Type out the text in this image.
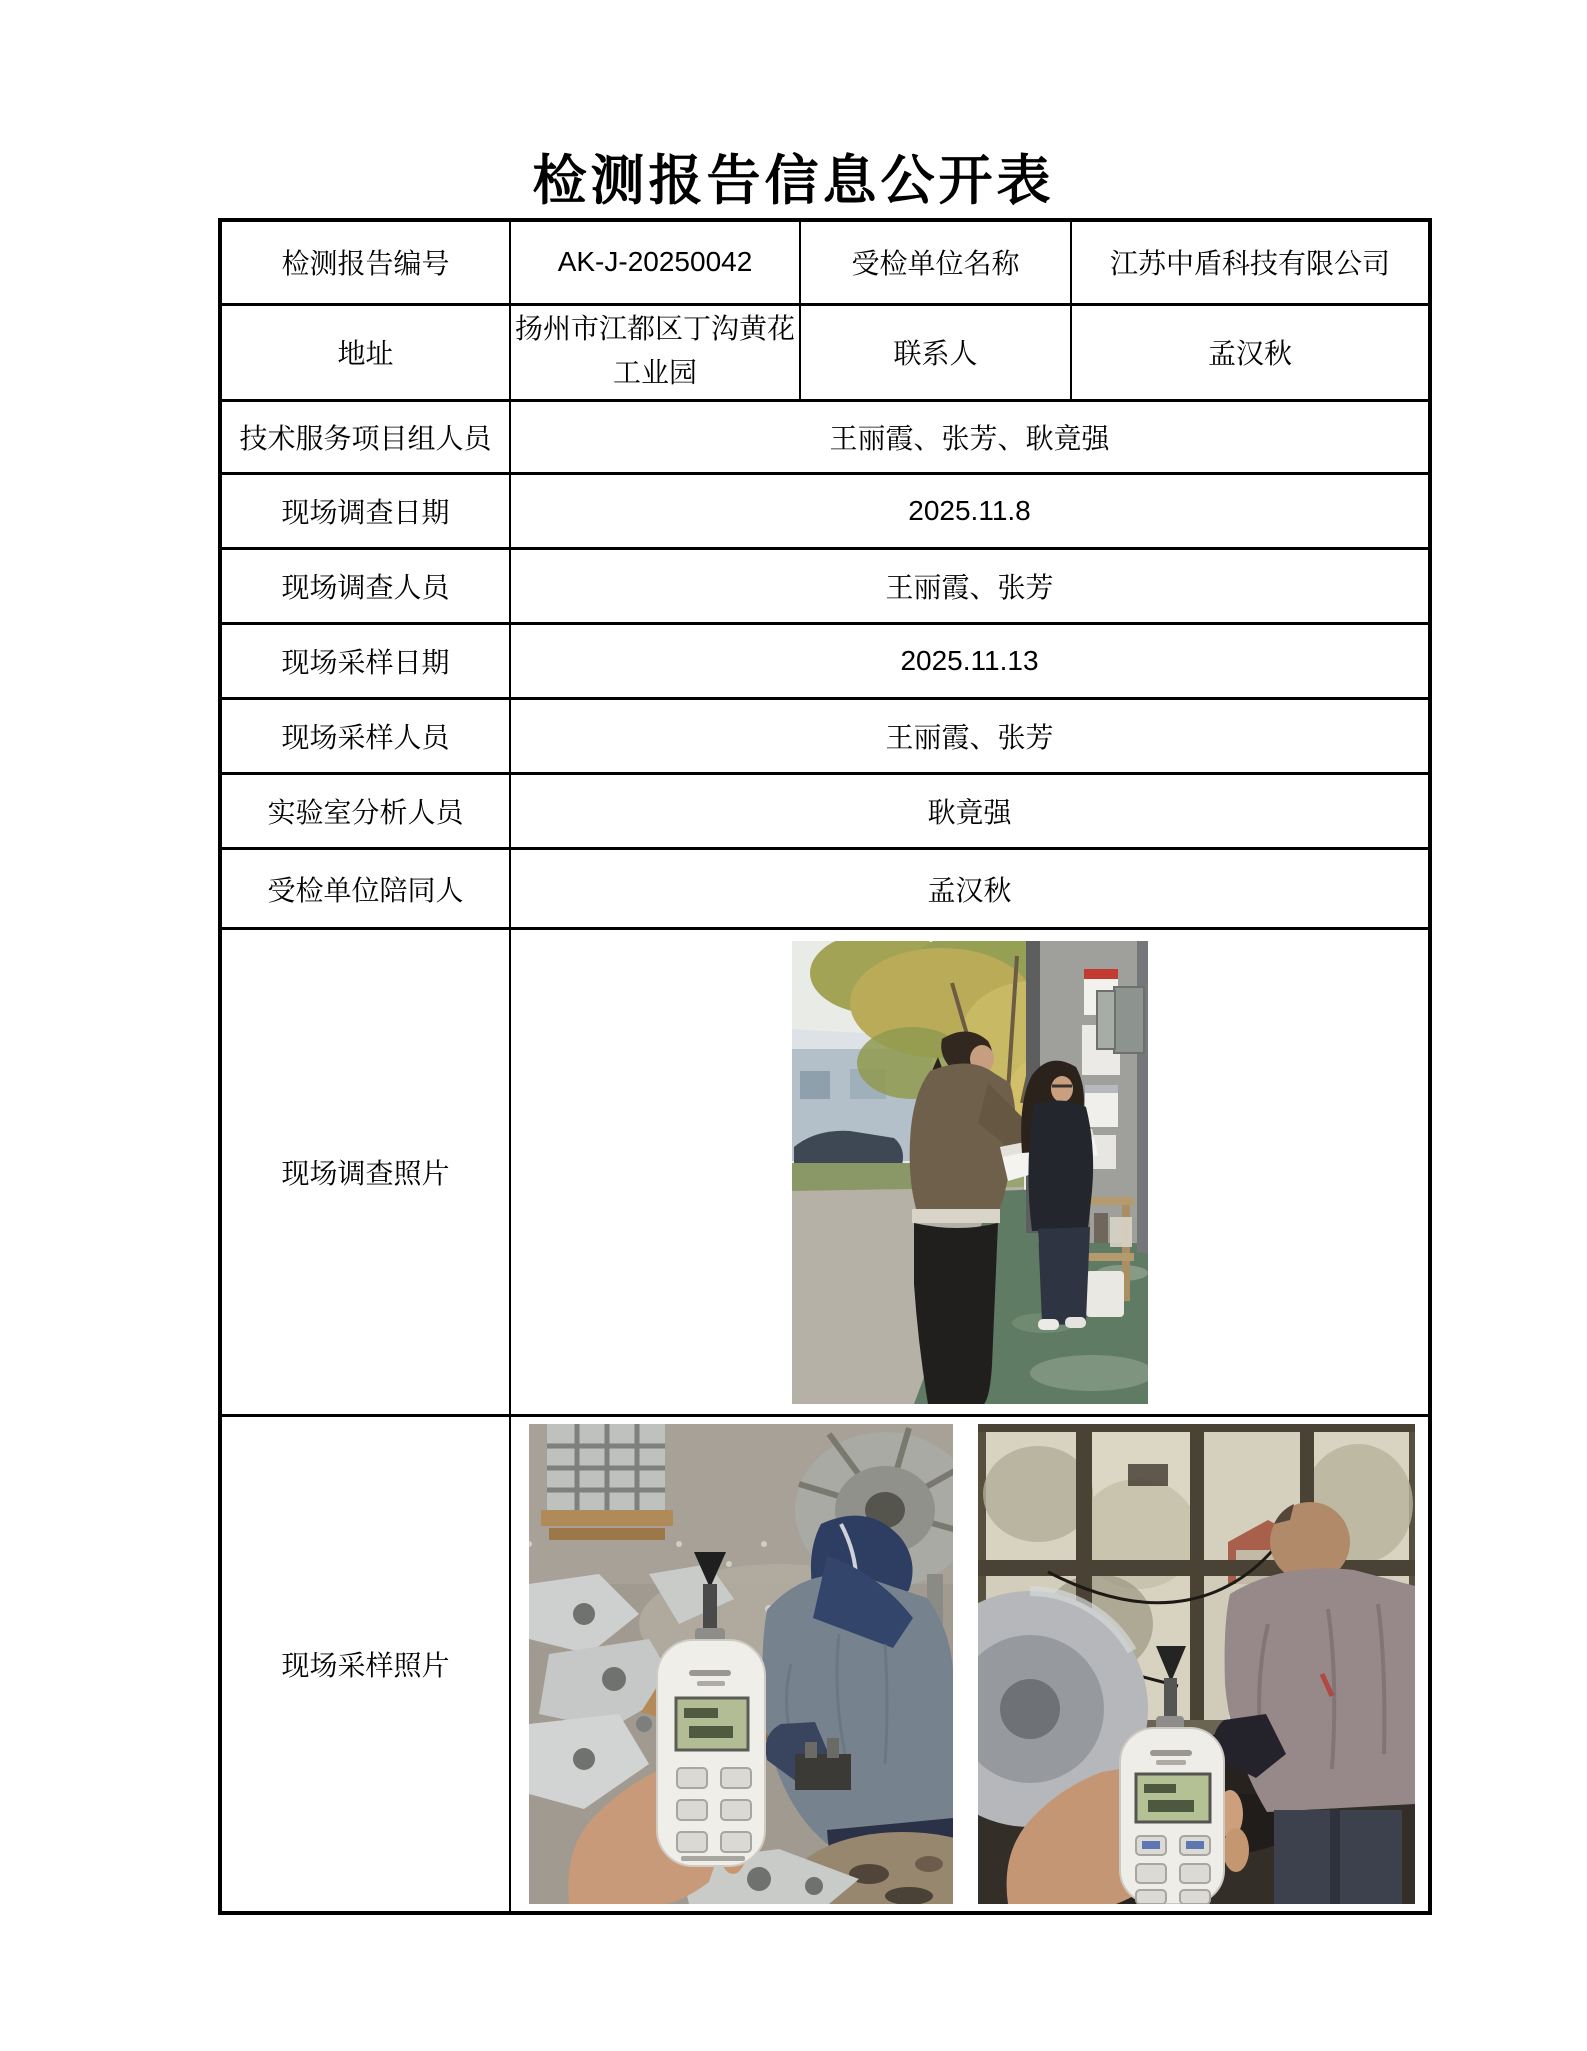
检测报告信息公开表
检测报告编号	AK-J-20250042	受检单位名称	江苏中盾科技有限公司
地址	扬州市江都区丁沟黄花工业园	联系人	孟汉秋
技术服务项目组人员	王丽霞、张芳、耿竟强		
现场调查日期	2025.11.8		
现场调查人员	王丽霞、张芳		
现场采样日期	2025.11.13		
现场采样人员	王丽霞、张芳		
实验室分析人员	耿竟强		
受检单位陪同人	孟汉秋		
现场调查照片	

现场采样照片	
